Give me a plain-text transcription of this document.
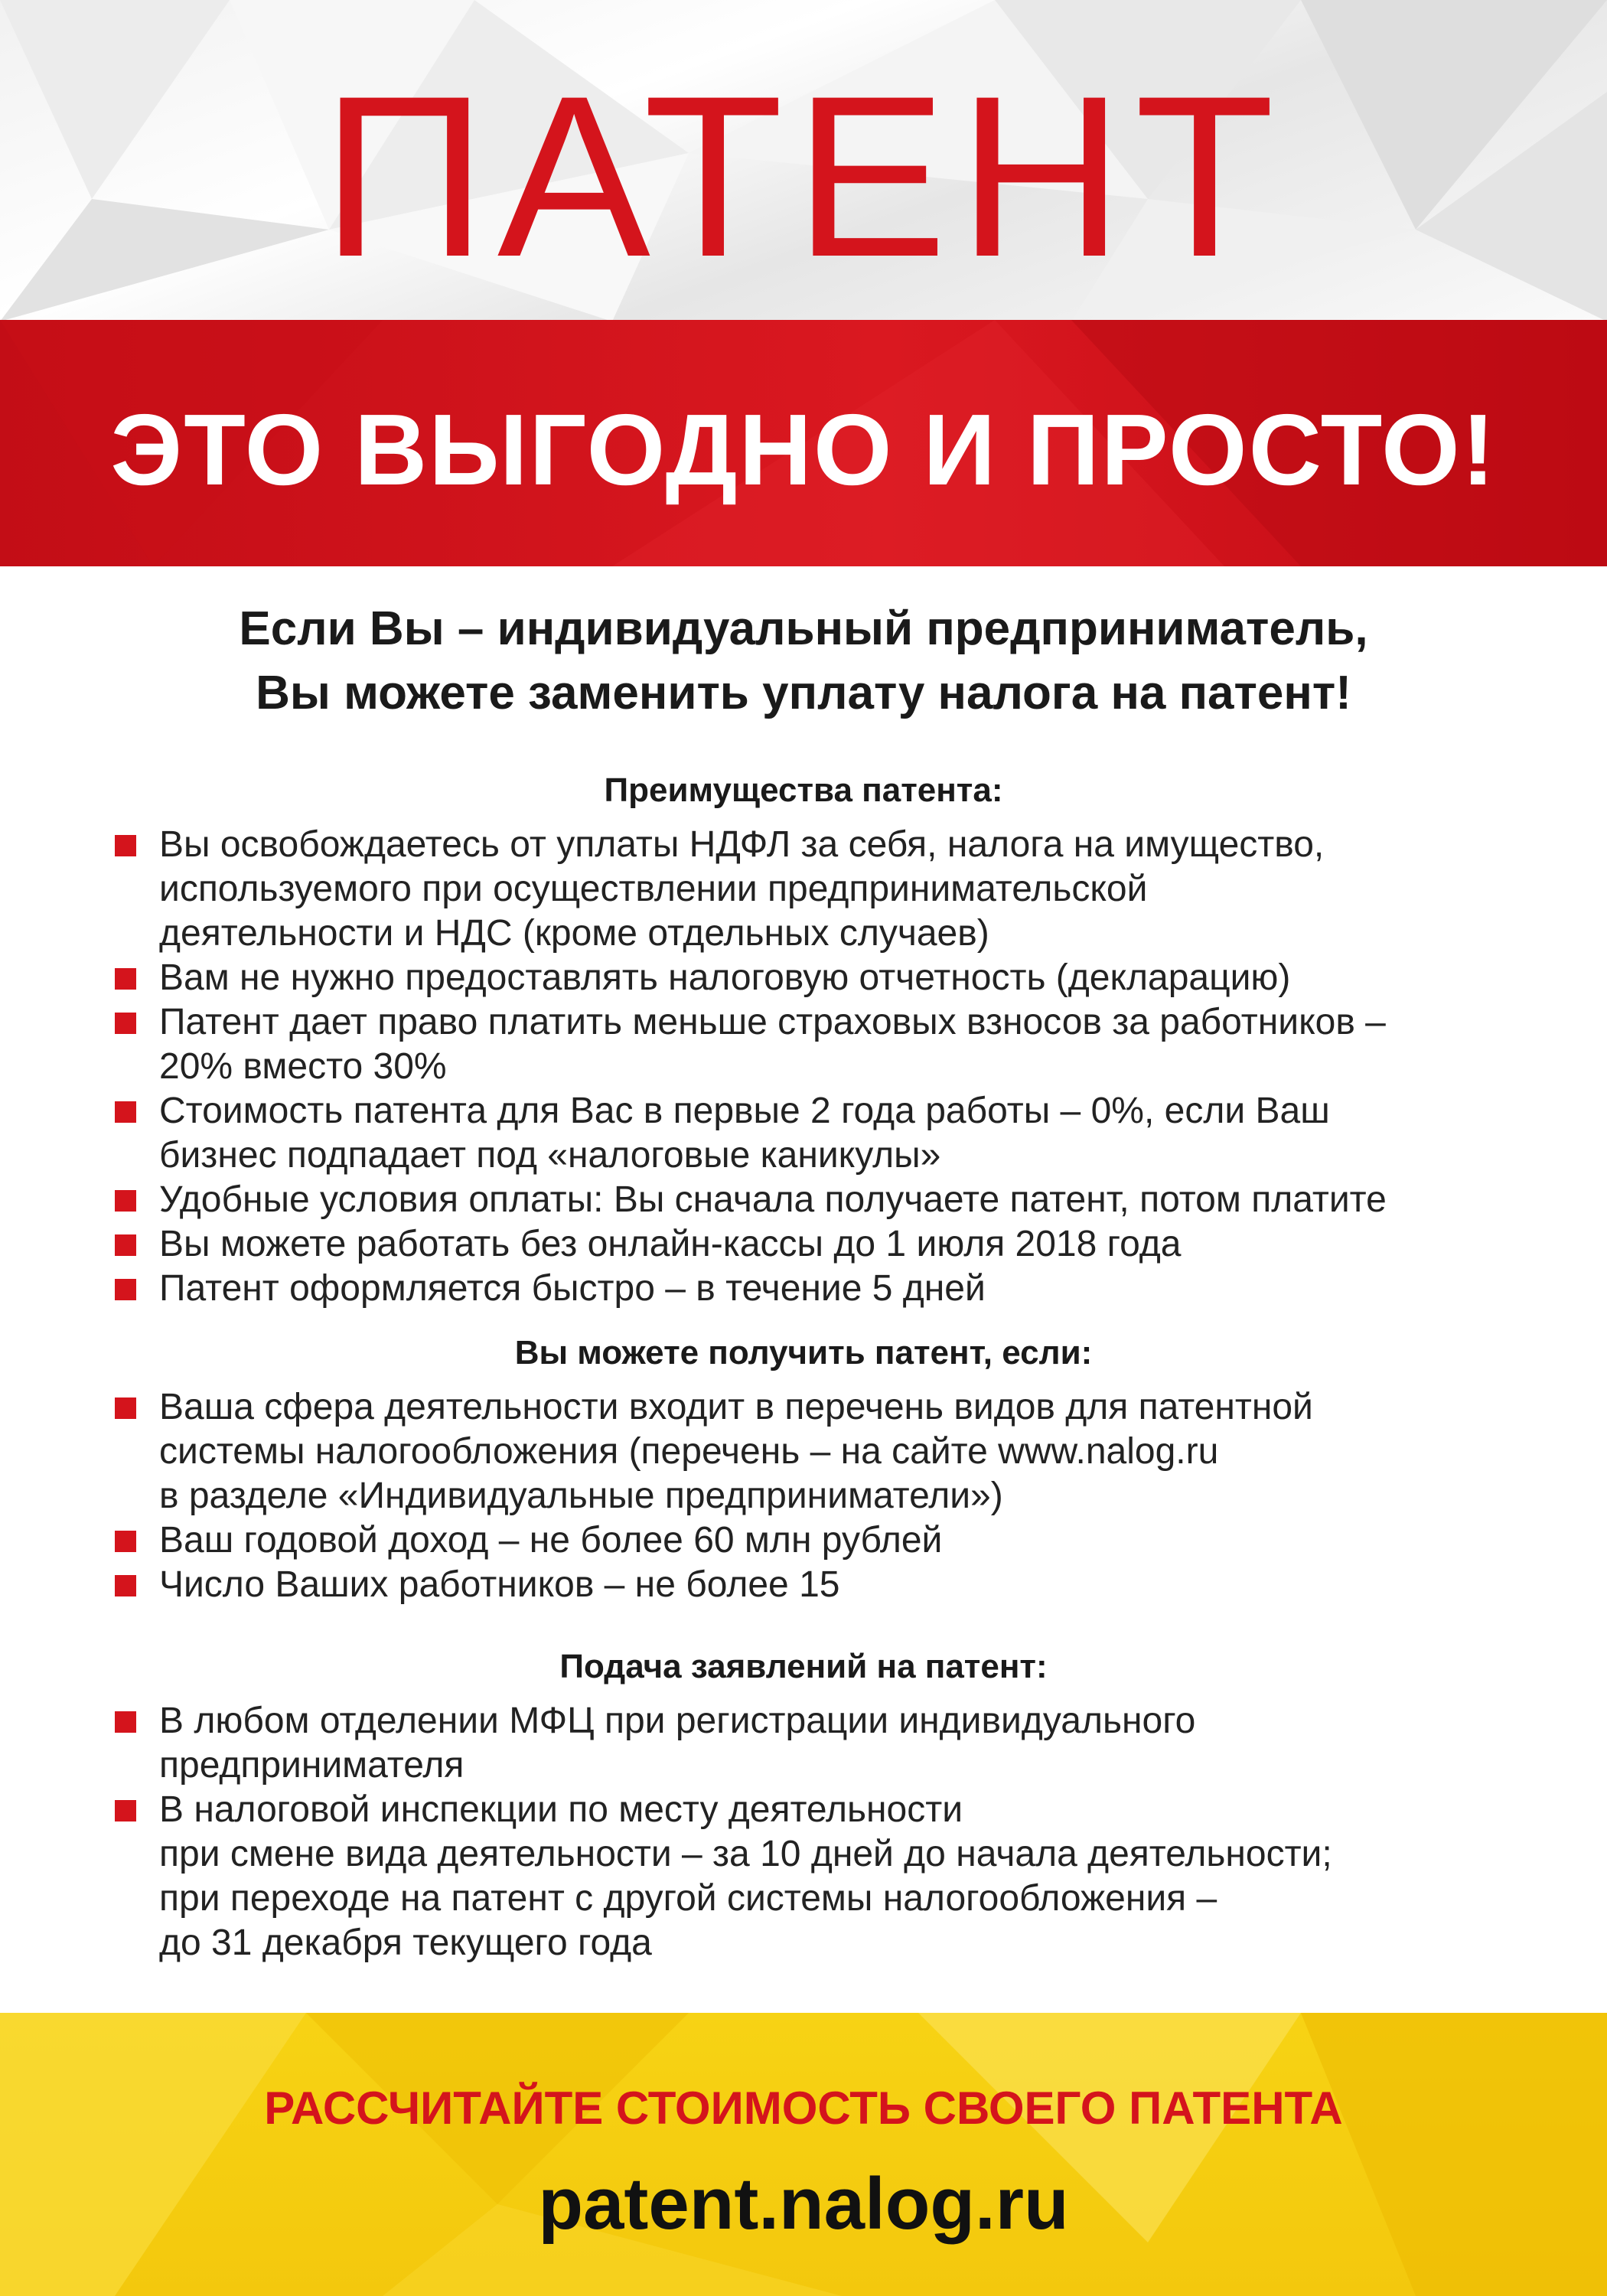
ПАТЕНТ
ЭТО ВЫГОДНО И ПРОСТО!

Если Вы – индивидуальный предприниматель,

Вы можете заменить уплату налога на патент!

Преимущества патента:
Вы освобождаетесь от уплаты НДФЛ за себя, налога на имущество,
используемого при осуществлении предпринимательской
деятельности и НДС (кроме отдельных случаев)
Вам не нужно предоставлять налоговую отчетность (декларацию)
Патент дает право платить меньше страховых взносов за работников –
20% вместо 30%
Стоимость патента для Вас в первые 2 года работы – 0%, если Ваш
бизнес подпадает под «налоговые каникулы»
Удобные условия оплаты: Вы сначала получаете патент, потом платите
Вы можете работать без онлайн-кассы до 1 июля 2018 года
Патент оформляется быстро – в течение 5 дней
Вы можете получить патент, если:
Ваша сфера деятельности входит в перечень видов для патентной
системы налогообложения (перечень – на сайте www.nalog.ru
в разделе «Индивидуальные предприниматели»)
Ваш годовой доход – не более 60 млн рублей
Число Ваших работников – не более 15
Подача заявлений на патент:
В любом отделении МФЦ при регистрации индивидуального
предпринимателя
В налоговой инспекции по месту деятельности
при смене вида деятельности – за 10 дней до начала деятельности;
при переходе на патент с другой системы налогообложения –
до 31 декабря текущего года
РАССЧИТАЙТЕ СТОИМОСТЬ СВОЕГО ПАТЕНТА
patent.nalog.ru
